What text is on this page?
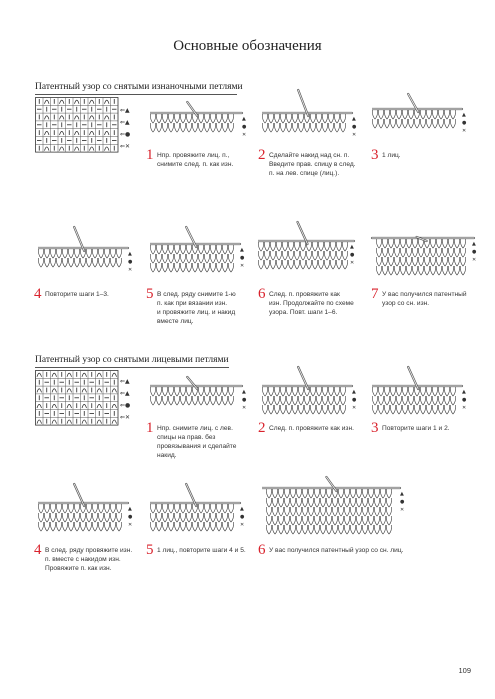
Основные обозначения
Патентный узор со снятыми изнаночными петлями
⇐▲
⇐▲
⇐●
⇐✕
▲
●
✕
▲
●
✕
▲
●
✕
1 Нпр. провяжите лиц. п.,
снимите след. п. как изн.
2 Сделайте накид над сн. п.
Введите прав. спицу в след.
п. на лев. спице (лиц.).
3 1 лиц.
▲
●
✕
▲
●
✕
▲
●
✕
▲
●
✕
4 Повторите шаги 1–3. 5 В след. ряду снимите 1-ю
п. как при вязании изн.
и провяжите лиц. и накид
вместе лиц.
6 След. п. провяжите как
изн. Продолжайте по схеме
узора. Повт. шаги 1–6.
7 У вас получился патентный
узор со сн. изн.
Патентный узор со снятыми лицевыми петлями
⇐▲
⇐▲
⇐●
⇐✕
▲
●
✕
▲
●
✕
▲
●
✕
1 Нпр. снимите лиц. с лев.
спицы на прав. без
провязывания и сделайте
накид.
2 След. п. провяжите как изн. 3 Повторите шаги 1 и 2.
▲
●
✕
▲
●
✕
▲
●
✕
4 В след. ряду провяжите изн.
п. вместе с накидом изн.
Провяжите п. как изн.
5 1 лиц., повторите шаги 4 и 5. 6 У вас получился патентный узор со сн. лиц.
109
